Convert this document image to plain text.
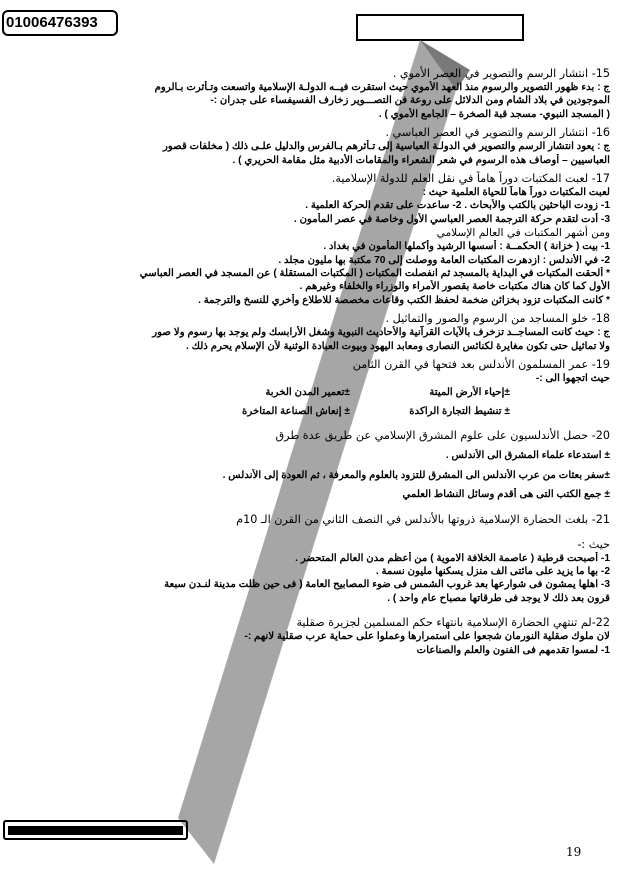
01006476393
15- انتشار الرسم والتصوير في العصر الأموي .
ج : بدء ظهور التصوير والرسوم منذ العهد الأموي حيث استقرت فيــه الدولـة الإسلامية واتسعت وتـأثرت بـالروم
الموجودين في بلاد الشام ومن الدلائل على روعة فن التصـــوير زخارف الفسيفساء على جدران :-
( المسجد النبوي- مسجد قبة الصخرة – الجامع الأموي ) .
16- انتشار الرسم والتصوير في العصر العباسي .
ج : يعود انتشار الرسم والتصوير في الدولـة العباسية إلى تـأثرهم بـالفرس والدليل علـى ذلك ( مخلفات قصور
العباسيين – أوصاف هذه الرسوم في شعر الشعراء والمقامات الأدبية مثل مقامة الحريري ) .
17- لعبت المكتبات دوراً هاماً في نقل العلم للدولة الإسلامية.
لعبت المكتبات دوراً هاماً للحياة العلمية حيث :
1- زودت الباحثين بالكتب والأبحاث . 2- ساعدت على تقدم الحركة العلمية .
3- أدت لتقدم حركة الترجمة العصر العباسي الأول وخاصة في عصر المأمون .
ومن أشهر المكتبات في العالم الإسلامي
1- بيت ( خزانة ) الحكمــة : أسسها الرشيد وأكملها المأمون في بغداد .
2- في الأندلس : ازدهرت المكتبات العامة ووصلت إلى 70 مكتبة بها مليون مجلد .
* ألحقت المكتبات في البداية بالمسجد ثم انفصلت المكتبات ( المكتبات المستقلة ) عن المسجد في العصر العباسي
الأول كما كان هناك مكتبات خاصة بقصور الأمراء والوزراء والخلفاء وغيرهم .
* كانت المكتبات تزود بخزائن ضخمة لحفظ الكتب وقاعات مخصصة للاطلاع وأخري للنسخ والترجمة .
18- خلو المساجد من الرسوم والصور والتماثيل .
ج : حيث كانت المساجــد تزخرف بالآيات القرآنية والأحاديث النبوية وشغل الأرابسك ولم يوجد بها رسوم ولا صور
ولا تماثيل حتى تكون مغايرة لكنائس النصارى ومعابد اليهود وبيوت العبادة الوثنية لأن الإسلام يحرم ذلك .
19- عمر المسلمون الأندلس بعد فتحها في القرن الثامن
حيث اتجهوا الى :-
±إحياء الأرض الميتة
±تعمير المدن الخربة
± تنشيط التجارة الراكدة
± إنعاش الصناعة المتاخرة
20- حصل الأندلسيون على علوم المشرق الإسلامي عن طريق عدة طرق
± استدعاء علماء المشرق الى الأندلس .
±سفر بعثات من عرب الأندلس الى المشرق للتزود بالعلوم والمعرفة ، ثم العودة إلى الأندلس .
± جمع الكتب التى هى أقدم وسائل النشاط العلمي
21- بلغت الحضارة الإسلامية ذروتها بالأندلس في النصف الثاني من القرن الـ 10م
حيث :-
1- أصبحت قرطبة ( عاصمة الخلافة الاموية ) من أعظم مدن العالم المتحضر .
2- بها ما يزيد على مائتى الف منزل يسكنها مليون نسمة .
3- اهلها يمشون فى شوارعها بعد غروب الشمس فى ضوء المصابيح العامة ( فى حين ظلت مدينة لنـدن سبعة
قرون بعد ذلك لا يوجد فى طرقاتها مصباح عام واحد ) .
22-لم تنتهي الحضارة الإسلامية بانتهاء حكم المسلمين لجزيرة صقلية
لان ملوك صقلية النورمان شجعوا على استمرارها وعملوا على حماية عرب صقلية لانهم :-
1- لمسوا تقدمهم فى الفنون والعلم والصناعات
19
